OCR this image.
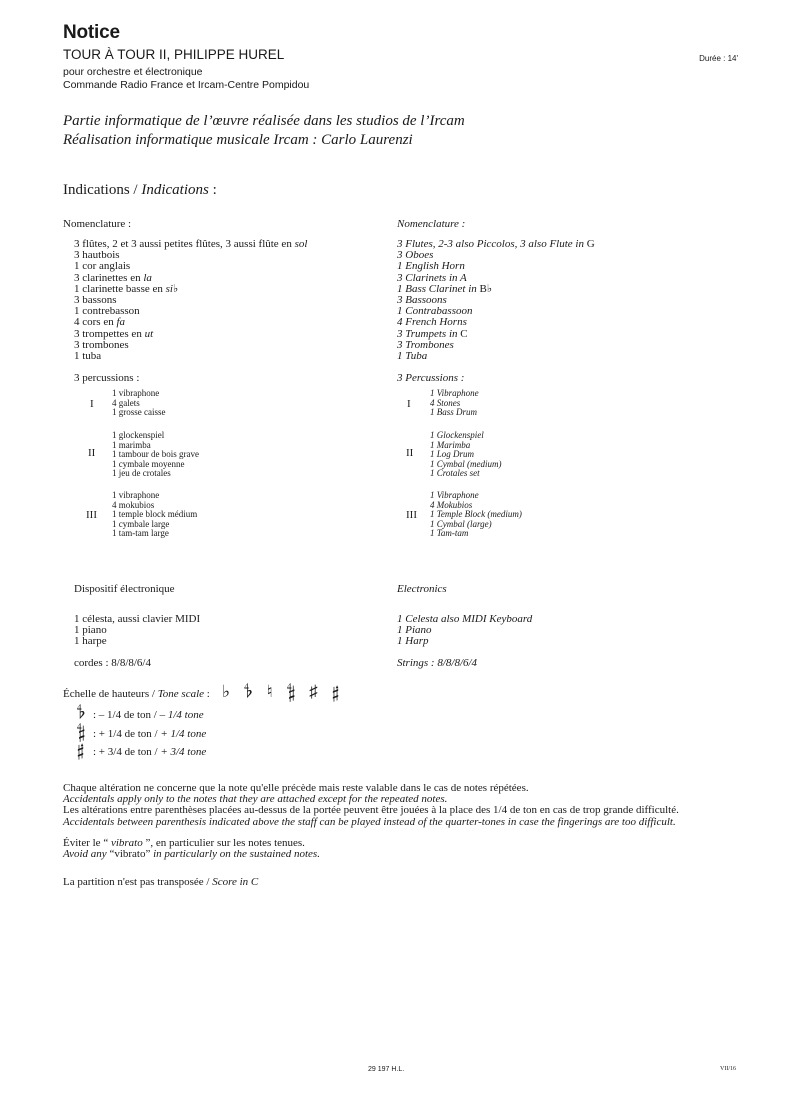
Notice
TOUR À TOUR II, PHILIPPE HUREL	Durée : 14'
pour orchestre et électronique
Commande Radio France et Ircam-Centre Pompidou
Partie informatique de l’œuvre réalisée dans les studios de l’Ircam
Réalisation informatique musicale Ircam : Carlo Laurenzi
Indications / Indications :
Nomenclature :	Nomenclature :
3 flûtes, 2 et 3 aussi petites flûtes, 3 aussi flûte en sol
3 hautbois
1 cor anglais
3 clarinettes en la
1 clarinette basse en si♭
3 bassons
1 contrebasson
4 cors en fa
3 trompettes en ut
3 trombones
1 tuba
3 Flutes, 2-3 also Piccolos, 3 also Flute in G
3 Oboes
1 English Horn
3 Clarinets in A
1 Bass Clarinet in B♭
3 Bassoons
1 Contrabassoon
4 French Horns
3 Trumpets in C
3 Trombones
1 Tuba
3 percussions :	3 Percussions :
I
1 vibraphone
4 galets
1 grosse caisse
I
1 Vibraphone
4 Stones
1 Bass Drum
II
1 glockenspiel
1 marimba
1 tambour de bois grave
1 cymbale moyenne
1 jeu de crotales
II
1 Glockenspiel
1 Marimba
1 Log Drum
1 Cymbal (medium)
1 Crotales set
III
1 vibraphone
4 mokubios
1 temple block médium
1 cymbale large
1 tam-tam large
III
1 Vibraphone
4 Mokubios
1 Temple Block (medium)
1 Cymbal (large)
1 Tam-tam
Dispositif électronique	Electronics
1 célesta, aussi clavier MIDI
1 piano
1 harpe
1 Celesta also MIDI Keyboard
1 Piano
1 Harp
cordes : 8/8/8/6/4	Strings : 8/8/8/6/4
Échelle de hauteurs / Tone scale : ♭ 𝄳 ♮ 𝄲 ♯ 𝄰
𝄳 : – 1/4 de ton / – 1/4 tone
𝄲 : + 1/4 de ton / + 1/4 tone
𝄰 : + 3/4 de ton / + 3/4 tone
Chaque altération ne concerne que la note qu'elle précède mais reste valable dans le cas de notes répétées.
Accidentals apply only to the notes that they are attached except for the repeated notes.
Les altérations entre parenthèses placées au-dessus de la portée peuvent être jouées à la place des 1/4 de ton en cas de trop grande difficulté.
Accidentals between parenthesis indicated above the staff can be played instead of the quarter-tones in case the fingerings are too difficult.
Éviter le “ vibrato ”, en particulier sur les notes tenues.
Avoid any “vibrato” in particularly on the sustained notes.
La partition n'est pas transposée / Score in C
29 197 H.L.	VII/16
